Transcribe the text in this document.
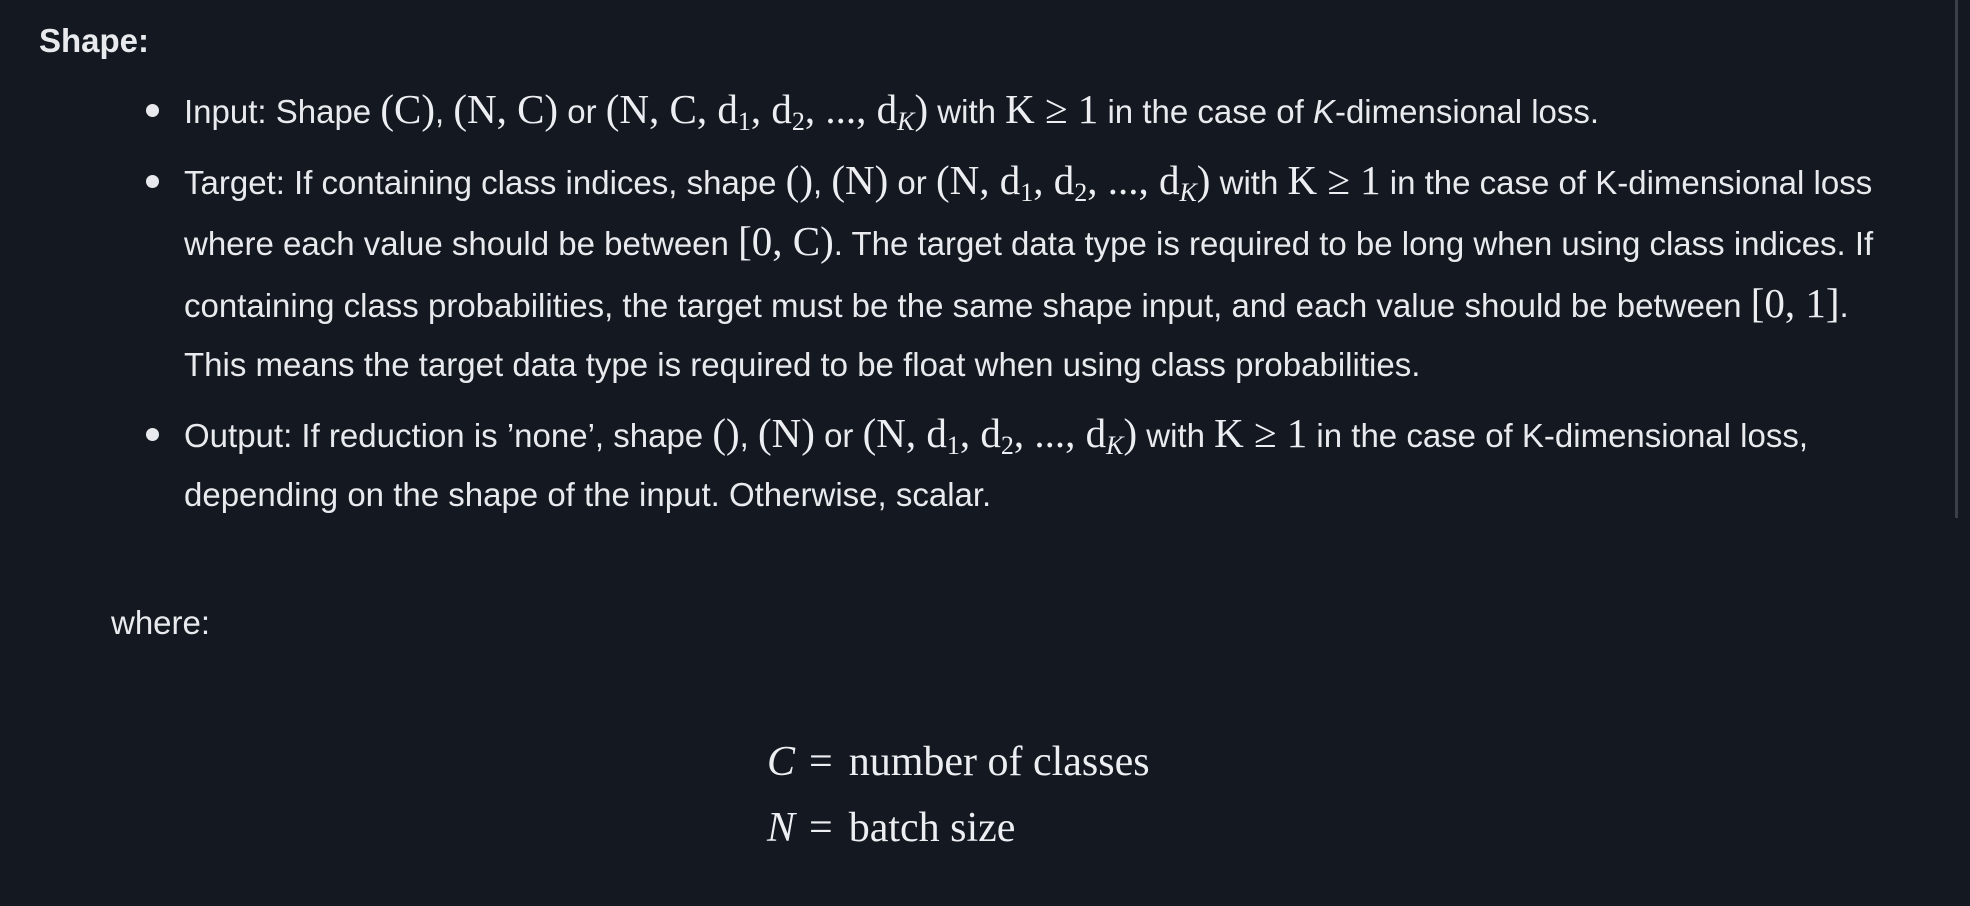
Shape:
Input: Shape (C), (N, C) or (N, C, $d_1$, $d_2$, ..., $d_K$) with K ≥ 1 in the case of K-dimensional loss.
Target: If containing class indices, shape (), (N) or (N, $d_1$, $d_2$, ..., $d_K$) with K ≥ 1 in the case of K-dimensional loss where each value should be between [0, C). The target data type is required to be long when using class indices. If containing class probabilities, the target must be the same shape input, and each value should be between [0, 1]. This means the target data type is required to be float when using class probabilities.
Output: If reduction is ’none’, shape (), (N) or (N, $d_1$, $d_2$, ..., $d_K$) with K ≥ 1 in the case of K-dimensional loss, depending on the shape of the input. Otherwise, scalar.
where:
C = number of classes
N = batch size
